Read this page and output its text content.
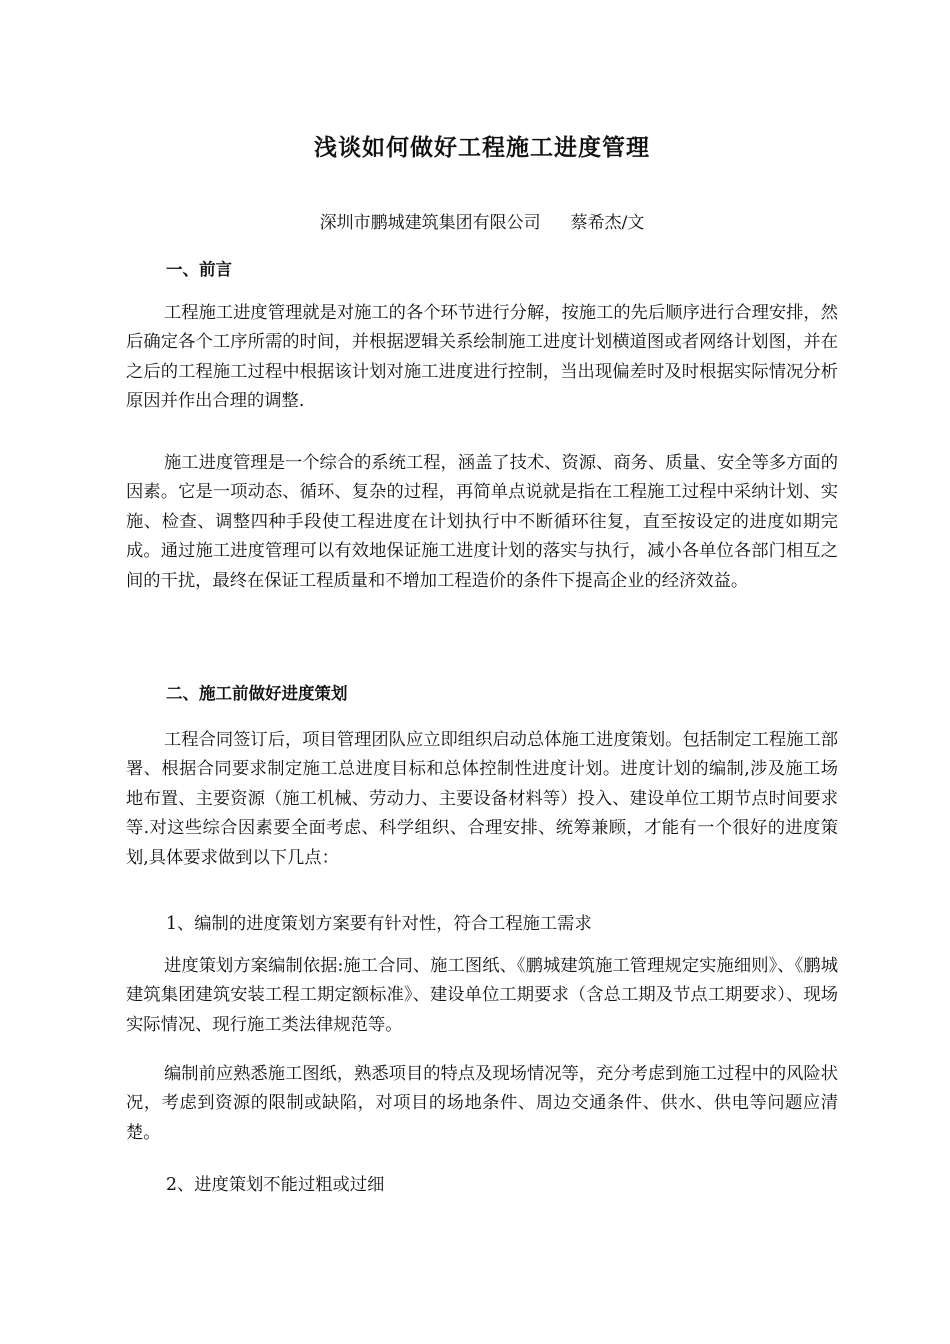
浅谈如何做好工程施工进度管理
深圳市鹏城建筑集团有限公司 蔡希杰/文
一、前言

工程施工进度管理就是对施工的各个环节进行分解，按施工的先后顺序进行合理安排，然后确定各个工序所需的时间，并根据逻辑关系绘制施工进度计划横道图或者网络计划图，并在之后的工程施工过程中根据该计划对施工进度进行控制，当出现偏差时及时根据实际情况分析原因并作出合理的调整.

施工进度管理是一个综合的系统工程，涵盖了技术、资源、商务、质量、安全等多方面的因素。它是一项动态、循环、复杂的过程，再简单点说就是指在工程施工过程中采纳计划、实施、检查、调整四种手段使工程进度在计划执行中不断循环往复，直至按设定的进度如期完成。通过施工进度管理可以有效地保证施工进度计划的落实与执行，减小各单位各部门相互之间的干扰，最终在保证工程质量和不增加工程造价的条件下提高企业的经济效益。

二、施工前做好进度策划

工程合同签订后，项目管理团队应立即组织启动总体施工进度策划。包括制定工程施工部署、根据合同要求制定施工总进度目标和总体控制性进度计划。进度计划的编制,涉及施工场地布置、主要资源（施工机械、劳动力、主要设备材料等）投入、建设单位工期节点时间要求等.对这些综合因素要全面考虑、科学组织、合理安排、统筹兼顾，才能有一个很好的进度策划,具体要求做到以下几点：

1、编制的进度策划方案要有针对性，符合工程施工需求

进度策划方案编制依据:施工合同、施工图纸、《鹏城建筑施工管理规定实施细则》、《鹏城建筑集团建筑安装工程工期定额标准》、建设单位工期要求（含总工期及节点工期要求）、现场实际情况、现行施工类法律规范等。

编制前应熟悉施工图纸，熟悉项目的特点及现场情况等，充分考虑到施工过程中的风险状况，考虑到资源的限制或缺陷，对项目的场地条件、周边交通条件、供水、供电等问题应清楚。

2、进度策划不能过粗或过细
